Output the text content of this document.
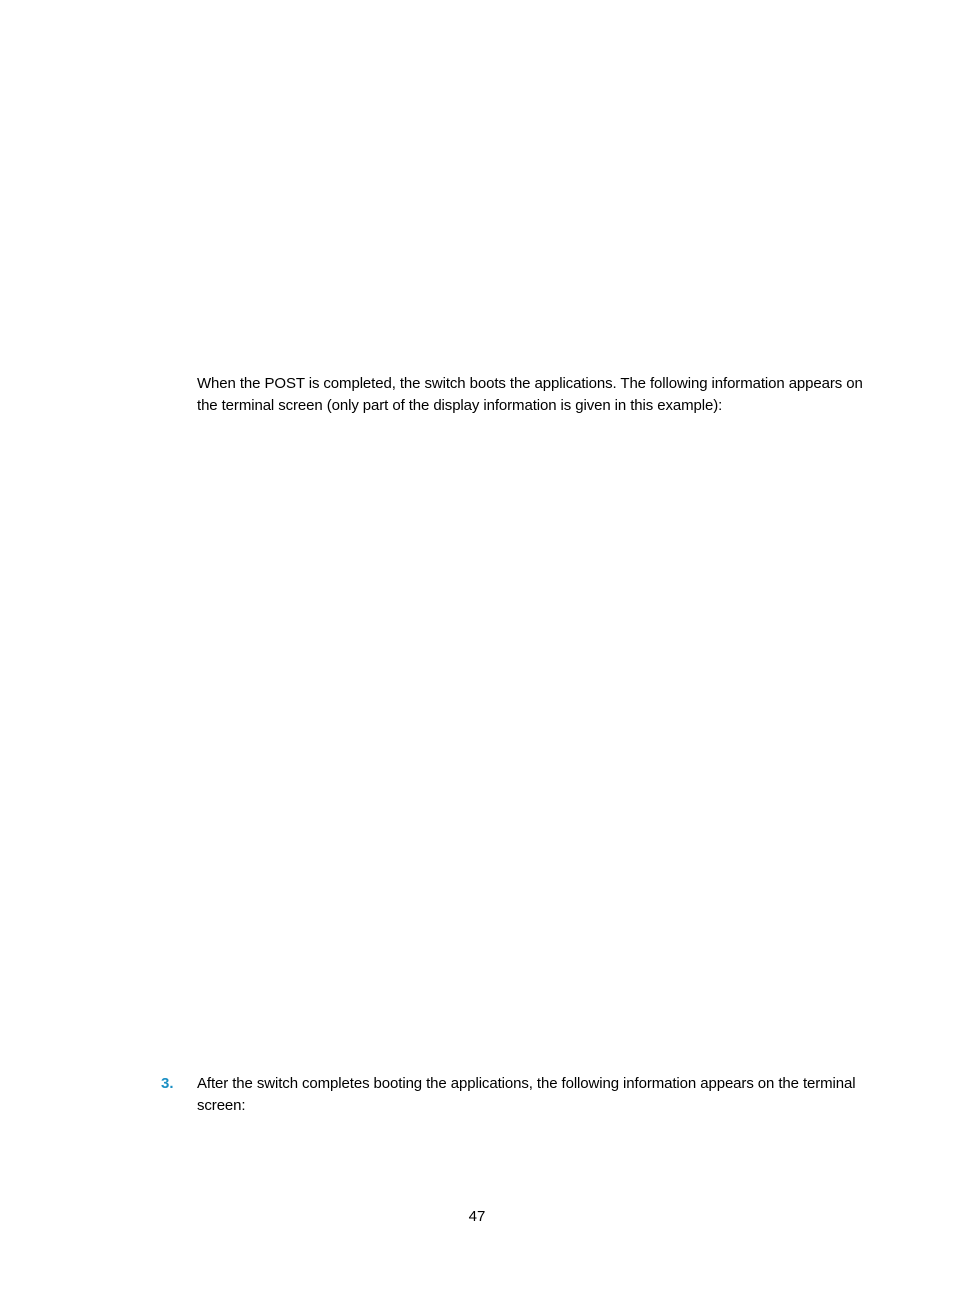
When the POST is completed, the switch boots the applications. The following information appears on the terminal screen (only part of the display information is given in this example):
3. After the switch completes booting the applications, the following information appears on the terminal screen:
47
